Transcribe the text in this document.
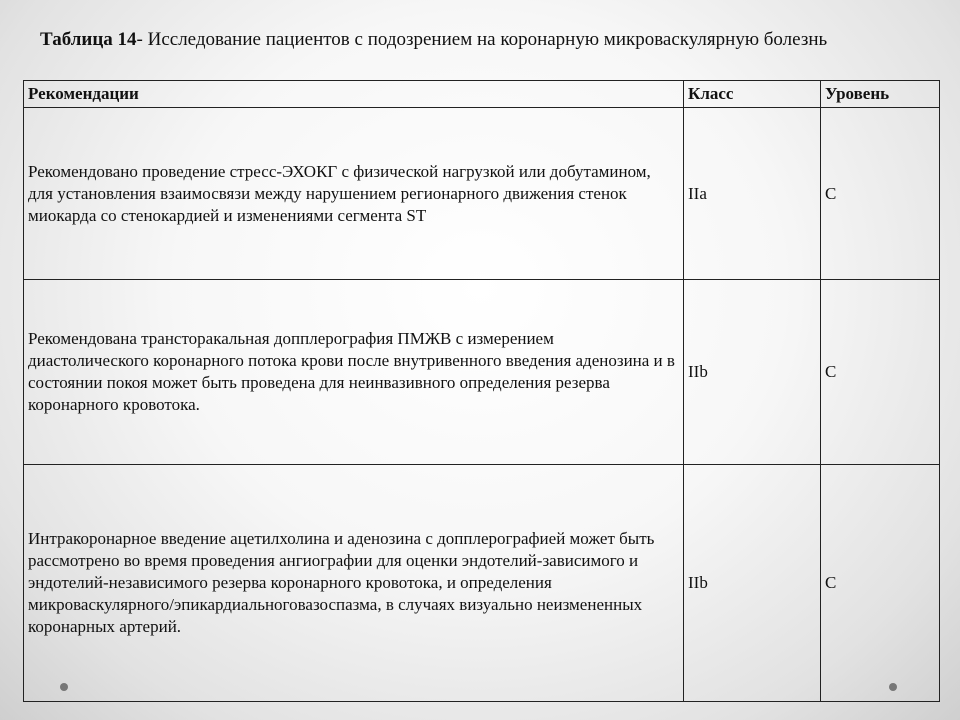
Таблица 14- Исследование пациентов с подозрением на коронарную микроваскулярную болезнь
Рекомендации	Класс	Уровень

Рекомендовано проведение стресс-ЭХОКГ с физической нагрузкой или добутамином, для установления взаимосвязи между нарушением регионарного движения стенок миокарда со стенокардией и изменениями сегмента ST	IIa	C

Рекомендована трансторакальная допплерография ПМЖВ с измерением диастолического коронарного потока крови после внутривенного введения аденозина и в состоянии покоя может быть проведена для неинвазивного определения резерва коронарного кровотока.	IIb	C

Интракоронарное введение ацетилхолина и аденозина с допплерографией может быть рассмотрено во время проведения ангиографии для оценки эндотелий-зависимого и эндотелий-независимого резерва коронарного кровотока, и определения микроваскулярного/эпикардиальноговазоспазма, в случаях визуально неизмененных коронарных артерий.	IIb	C
